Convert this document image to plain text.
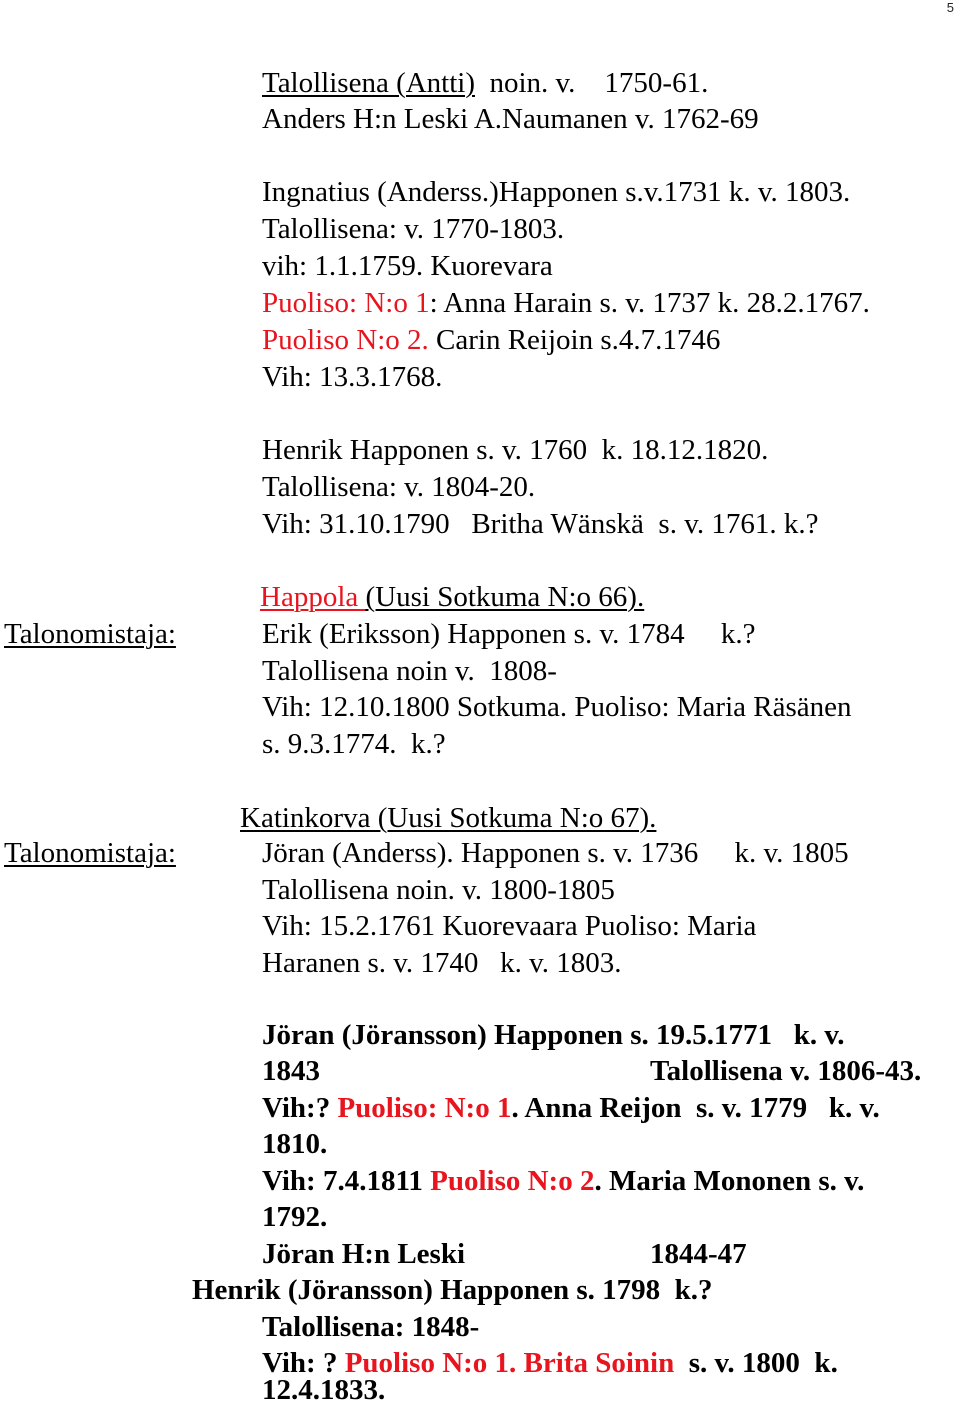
5
Talollisena (Antti)  noin. v.    1750-61.
Anders H:n Leski A.Naumanen v. 1762-69
Ingnatius (Anderss.)Happonen s.v.1731 k. v. 1803.
Talollisena: v. 1770-1803.
vih: 1.1.1759. Kuorevara
Puoliso: N:o 1: Anna Harain s. v. 1737 k. 28.2.1767.
Puoliso N:o 2. Carin Reijoin s.4.7.1746
Vih: 13.3.1768.
Henrik Happonen s. v. 1760  k. 18.12.1820.
Talollisena: v. 1804-20.
Vih: 31.10.1790   Britha Wänskä  s. v. 1761. k.?
Happola (Uusi Sotkuma N:o 66).
Talonomistaja:	Erik (Eriksson) Happonen s. v. 1784     k.?
Talollisena noin v.  1808-
Vih: 12.10.1800 Sotkuma. Puoliso: Maria Räsänen
s. 9.3.1774.  k.?
Katinkorva (Uusi Sotkuma N:o 67).
Talonomistaja:	Jöran (Anderss). Happonen s. v. 1736     k. v. 1805
Talollisena noin. v. 1800-1805
Vih: 15.2.1761 Kuorevaara Puoliso: Maria
Haranen s. v. 1740   k. v. 1803.
Jöran (Jöransson) Happonen s. 19.5.1771   k. v.
1843	Talollisena v. 1806-43.
Vih:? Puoliso: N:o 1. Anna Reijon  s. v. 1779   k. v.
1810.
Vih: 7.4.1811 Puoliso N:o 2. Maria Mononen s. v.
1792.
Jöran H:n Leski	1844-47
Henrik (Jöransson) Happonen s. 1798  k.?
Talollisena: 1848-
Vih: ? Puoliso N:o 1. Brita Soinin  s. v. 1800  k.
12.4.1833.
